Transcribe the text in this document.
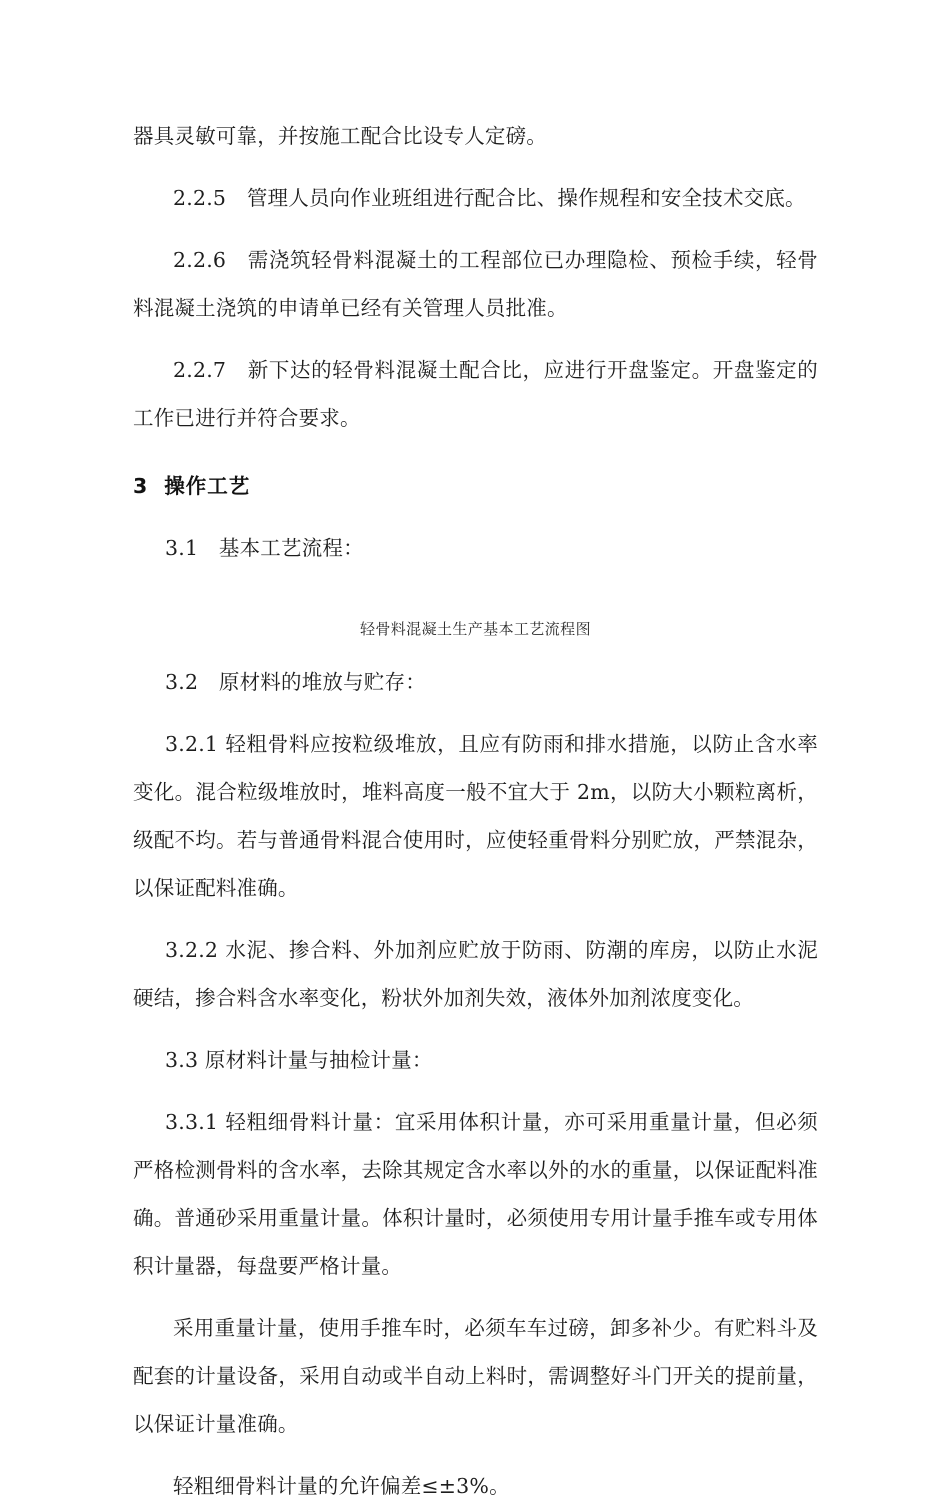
器具灵敏可靠，并按施工配合比设专人定磅。

2.2.5　管理人员向作业班组进行配合比、操作规程和安全技术交底。

2.2.6　需浇筑轻骨料混凝土的工程部位已办理隐检、预检手续，轻骨料混凝土浇筑的申请单已经有关管理人员批准。

2.2.7　新下达的轻骨料混凝土配合比，应进行开盘鉴定。开盘鉴定的工作已进行并符合要求。

3 操作工艺

3.1　基本工艺流程：

轻骨料混凝土生产基本工艺流程图

3.2　原材料的堆放与贮存：

3.2.1 轻粗骨料应按粒级堆放，且应有防雨和排水措施，以防止含水率变化。混合粒级堆放时，堆料高度一般不宜大于 2m，以防大小颗粒离析，级配不均。若与普通骨料混合使用时，应使轻重骨料分别贮放，严禁混杂，以保证配料准确。

3.2.2 水泥、掺合料、外加剂应贮放于防雨、防潮的库房，以防止水泥硬结，掺合料含水率变化，粉状外加剂失效，液体外加剂浓度变化。

3.3 原材料计量与抽检计量：

3.3.1 轻粗细骨料计量：宜采用体积计量，亦可采用重量计量，但必须严格检测骨料的含水率，去除其规定含水率以外的水的重量，以保证配料准确。普通砂采用重量计量。体积计量时，必须使用专用计量手推车或专用体积计量器，每盘要严格计量。

采用重量计量，使用手推车时，必须车车过磅，卸多补少。有贮料斗及配套的计量设备，采用自动或半自动上料时，需调整好斗门开关的提前量，以保证计量准确。

轻粗细骨料计量的允许偏差≤±3%。
